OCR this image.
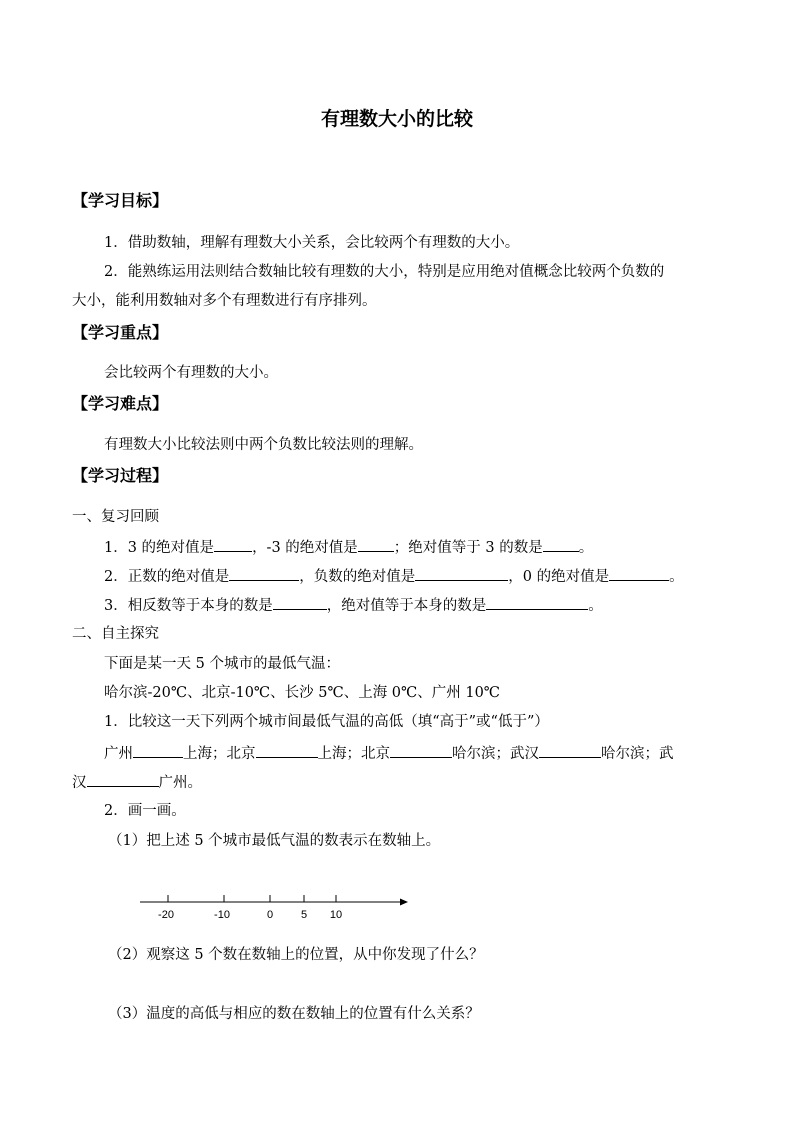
有理数大小的比较
【学习目标】
1．借助数轴，理解有理数大小关系，会比较两个有理数的大小。
2．能熟练运用法则结合数轴比较有理数的大小，特别是应用绝对值概念比较两个负数的
大小，能利用数轴对多个有理数进行有序排列。
【学习重点】
会比较两个有理数的大小。
【学习难点】
有理数大小比较法则中两个负数比较法则的理解。
【学习过程】
一、复习回顾
1．3 的绝对值是	，-3 的绝对值是 ；绝对值等于 3 的数是 。
2．正数的绝对值是	，负数的绝对值是	，0 的绝对值是	。
3．相反数等于本身的数是	，绝对值等于本身的数是	。
二、自主探究
下面是某一天 5 个城市的最低气温：
哈尔滨-20℃、北京-10℃、长沙 5℃、上海 0℃、广州 10℃
1．比较这一天下列两个城市间最低气温的高低（填“高于”或“低于”）
广州	上海；北京	上海；北京	哈尔滨；武汉	哈尔滨；武
汉	广州。
2．画一画。
（1）把上述 5 个城市最低气温的数表示在数轴上。
-20	-10	0	5 10
（2）观察这 5 个数在数轴上的位置，从中你发现了什么？
（3）温度的高低与相应的数在数轴上的位置有什么关系？
